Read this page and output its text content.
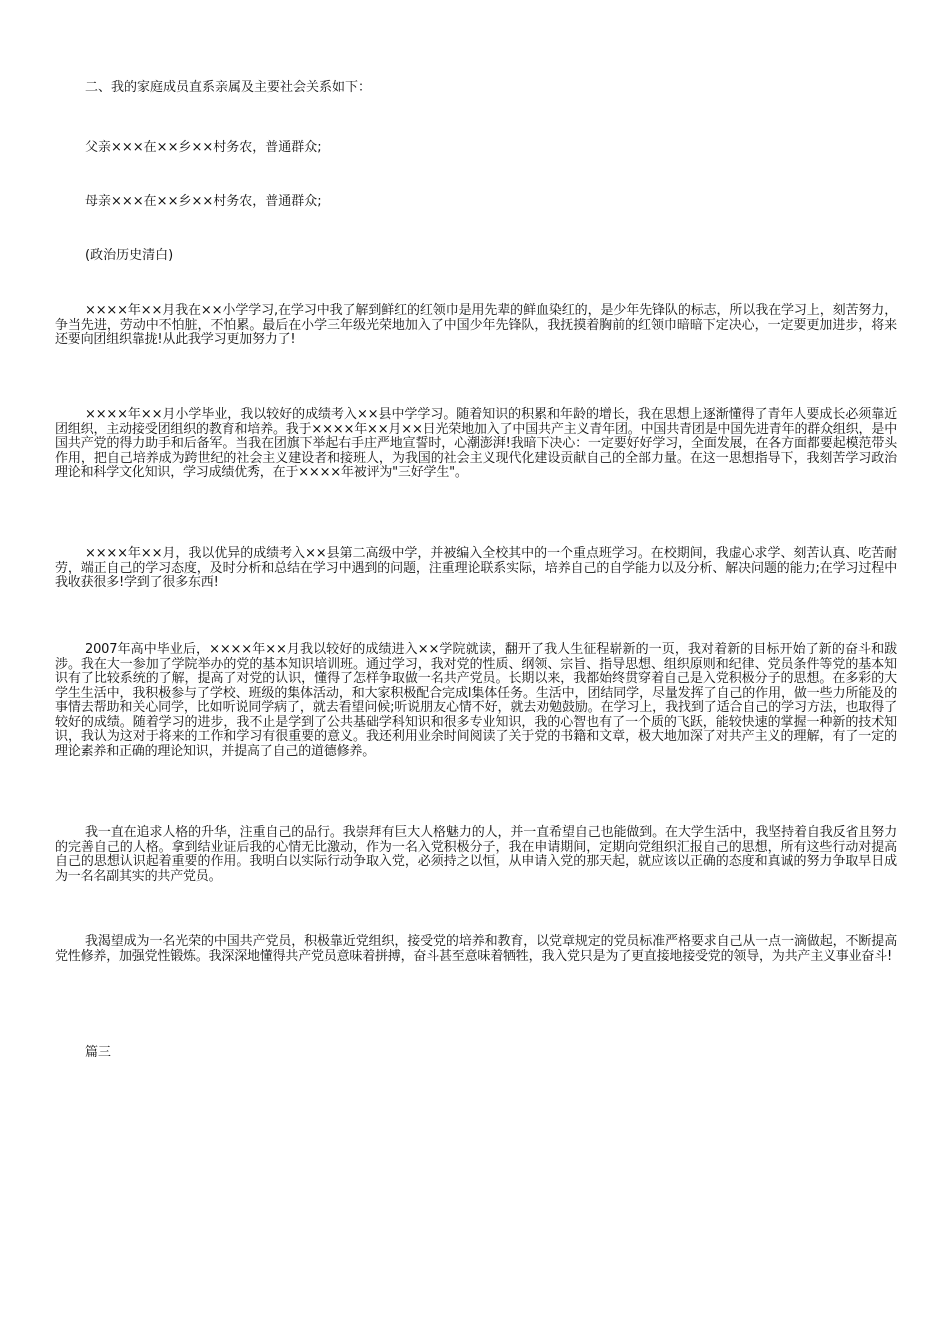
二、我的家庭成员直系亲属及主要社会关系如下：
父亲×××在××乡××村务农，普通群众;
母亲×××在××乡××村务农，普通群众;
(政治历史清白)
××××年××月我在××小学学习,在学习中我了解到鲜红的红领巾是用先辈的鲜血染红的，是少年先锋队的标志，所以我在学习上，刻苦努力，争当先进，劳动中不怕脏，不怕累。最后在小学三年级光荣地加入了中国少年先锋队，我抚摸着胸前的红领巾暗暗下定决心，一定要更加进步，将来还要向团组织靠拢!从此我学习更加努力了!
××××年××月小学毕业，我以较好的成绩考入××县中学学习。随着知识的积累和年龄的增长，我在思想上逐渐懂得了青年人要成长必须靠近团组织，主动接受团组织的教育和培养。我于××××年××月××日光荣地加入了中国共产主义青年团。中国共青团是中国先进青年的群众组织，是中国共产党的得力助手和后备军。当我在团旗下举起右手庄严地宣誓时，心潮澎湃!我暗下决心：一定要好好学习，全面发展，在各方面都要起模范带头作用，把自己培养成为跨世纪的社会主义建设者和接班人，为我国的社会主义现代化建设贡献自己的全部力量。在这一思想指导下，我刻苦学习政治理论和科学文化知识，学习成绩优秀，在于××××年被评为"三好学生"。
××××年××月，我以优异的成绩考入××县第二高级中学，并被编入全校其中的一个重点班学习。在校期间，我虚心求学、刻苦认真、吃苦耐劳，端正自己的学习态度，及时分析和总结在学习中遇到的问题，注重理论联系实际，培养自己的自学能力以及分析、解决问题的能力;在学习过程中我收获很多!学到了很多东西!
2007年高中毕业后，××××年××月我以较好的成绩进入××学院就读，翻开了我人生征程崭新的一页，我对着新的目标开始了新的奋斗和跋涉。我在大一参加了学院举办的党的基本知识培训班。通过学习，我对党的性质、纲领、宗旨、指导思想、组织原则和纪律、党员条件等党的基本知识有了比较系统的了解，提高了对党的认识，懂得了怎样争取做一名共产党员。长期以来，我都始终贯穿着自己是入党积极分子的思想。在多彩的大学生生活中，我积极参与了学校、班级的集体活动，和大家积极配合完成l集体任务。生活中，团结同学，尽量发挥了自己的作用，做一些力所能及的事情去帮助和关心同学，比如听说同学病了，就去看望问候;听说朋友心情不好，就去劝勉鼓励。在学习上，我找到了适合自己的学习方法，也取得了较好的成绩。随着学习的进步，我不止是学到了公共基础学科知识和很多专业知识，我的心智也有了一个质的飞跃，能较快速的掌握一种新的技术知识，我认为这对于将来的工作和学习有很重要的意义。我还利用业余时间阅读了关于党的书籍和文章，极大地加深了对共产主义的理解，有了一定的理论素养和正确的理论知识，并提高了自己的道德修养。
我一直在追求人格的升华，注重自己的品行。我崇拜有巨大人格魅力的人，并一直希望自己也能做到。在大学生活中，我坚持着自我反省且努力的完善自己的人格。拿到结业证后我的心情无比激动，作为一名入党积极分子，我在申请期间，定期向党组织汇报自己的思想，所有这些行动对提高自己的思想认识起着重要的作用。我明白以实际行动争取入党，必须持之以恒，从申请入党的那天起，就应该以正确的态度和真诚的努力争取早日成为一名名副其实的共产党员。
我渴望成为一名光荣的中国共产党员，积极靠近党组织，接受党的培养和教育，以党章规定的党员标准严格要求自己从一点一滴做起，不断提高党性修养，加强党性锻炼。我深深地懂得共产党员意味着拼搏，奋斗甚至意味着牺牲，我入党只是为了更直接地接受党的领导，为共产主义事业奋斗!
篇三
